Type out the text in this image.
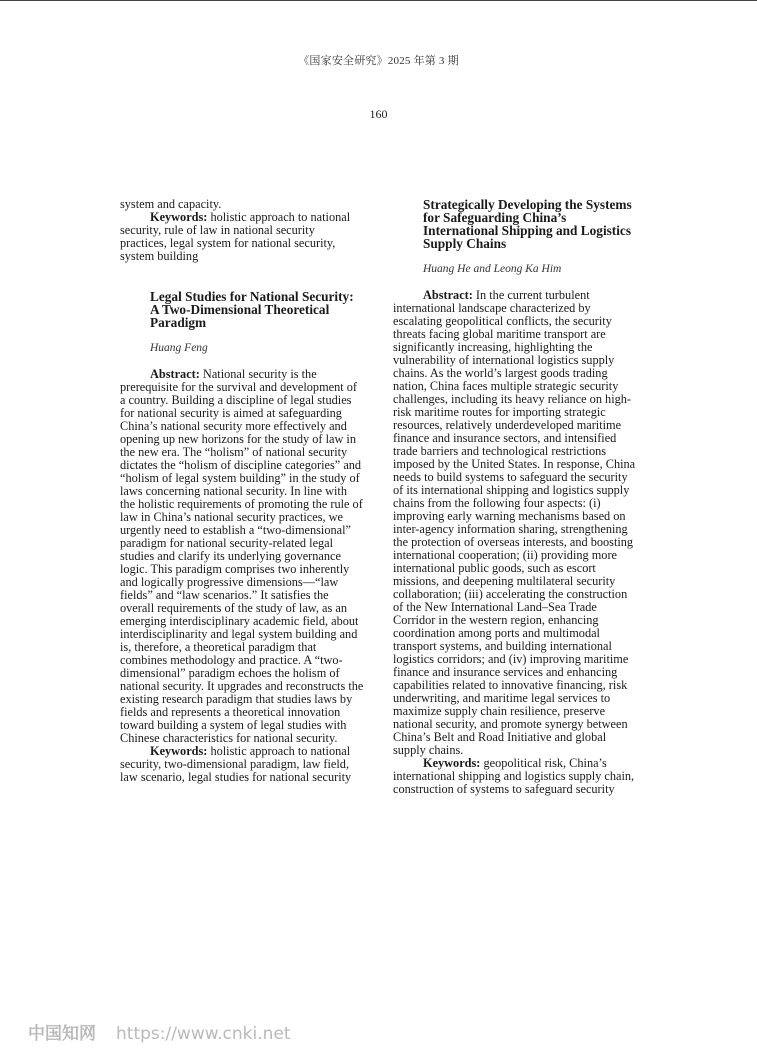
《国家安全研究》2025 年第 3 期
160

system and capacity.

Keywords: holistic approach to national security, rule of law in national security practices, legal system for national security, system building

Legal Studies for National Security: A Two-Dimensional Theoretical Paradigm

Huang Feng

Abstract: National security is the prerequisite for the survival and development of a country. Building a discipline of legal studies for national security is aimed at safeguarding China’s national security more effectively and opening up new horizons for the study of law in the new era. The “holism” of national security dictates the “holism of discipline categories” and “holism of legal system building” in the study of laws concerning national security. In line with the holistic requirements of promoting the rule of law in China’s national security practices, we urgently need to establish a “two-dimensional” paradigm for national security-related legal studies and clarify its underlying governance logic. This paradigm comprises two inherently and logically progressive dimensions—“law fields” and “law scenarios.” It satisfies the overall requirements of the study of law, as an emerging interdisciplinary academic field, about interdisciplinarity and legal system building and is, therefore, a theoretical paradigm that combines methodology and practice. A “two-dimensional” paradigm echoes the holism of national security. It upgrades and reconstructs the existing research paradigm that studies laws by fields and represents a theoretical innovation toward building a system of legal studies with Chinese characteristics for national security.

Keywords: holistic approach to national security, two-dimensional paradigm, law field, law scenario, legal studies for national security

Strategically Developing the Systems for Safeguarding China’s International Shipping and Logistics Supply Chains

Huang He and Leong Ka Him

Abstract: In the current turbulent international landscape characterized by escalating geopolitical conflicts, the security threats facing global maritime transport are significantly increasing, highlighting the vulnerability of international logistics supply chains. As the world’s largest goods trading nation, China faces multiple strategic security challenges, including its heavy reliance on high-risk maritime routes for importing strategic resources, relatively underdeveloped maritime finance and insurance sectors, and intensified trade barriers and technological restrictions imposed by the United States. In response, China needs to build systems to safeguard the security of its international shipping and logistics supply chains from the following four aspects: (i) improving early warning mechanisms based on inter-agency information sharing, strengthening the protection of overseas interests, and boosting international cooperation; (ii) providing more international public goods, such as escort missions, and deepening multilateral security collaboration; (iii) accelerating the construction of the New International Land–Sea Trade Corridor in the western region, enhancing coordination among ports and multimodal transport systems, and building international logistics corridors; and (iv) improving maritime finance and insurance services and enhancing capabilities related to innovative financing, risk underwriting, and maritime legal services to maximize supply chain resilience, preserve national security, and promote synergy between China’s Belt and Road Initiative and global supply chains.

Keywords: geopolitical risk, China’s international shipping and logistics supply chain, construction of systems to safeguard security

中国知网 https://www.cnki.net
